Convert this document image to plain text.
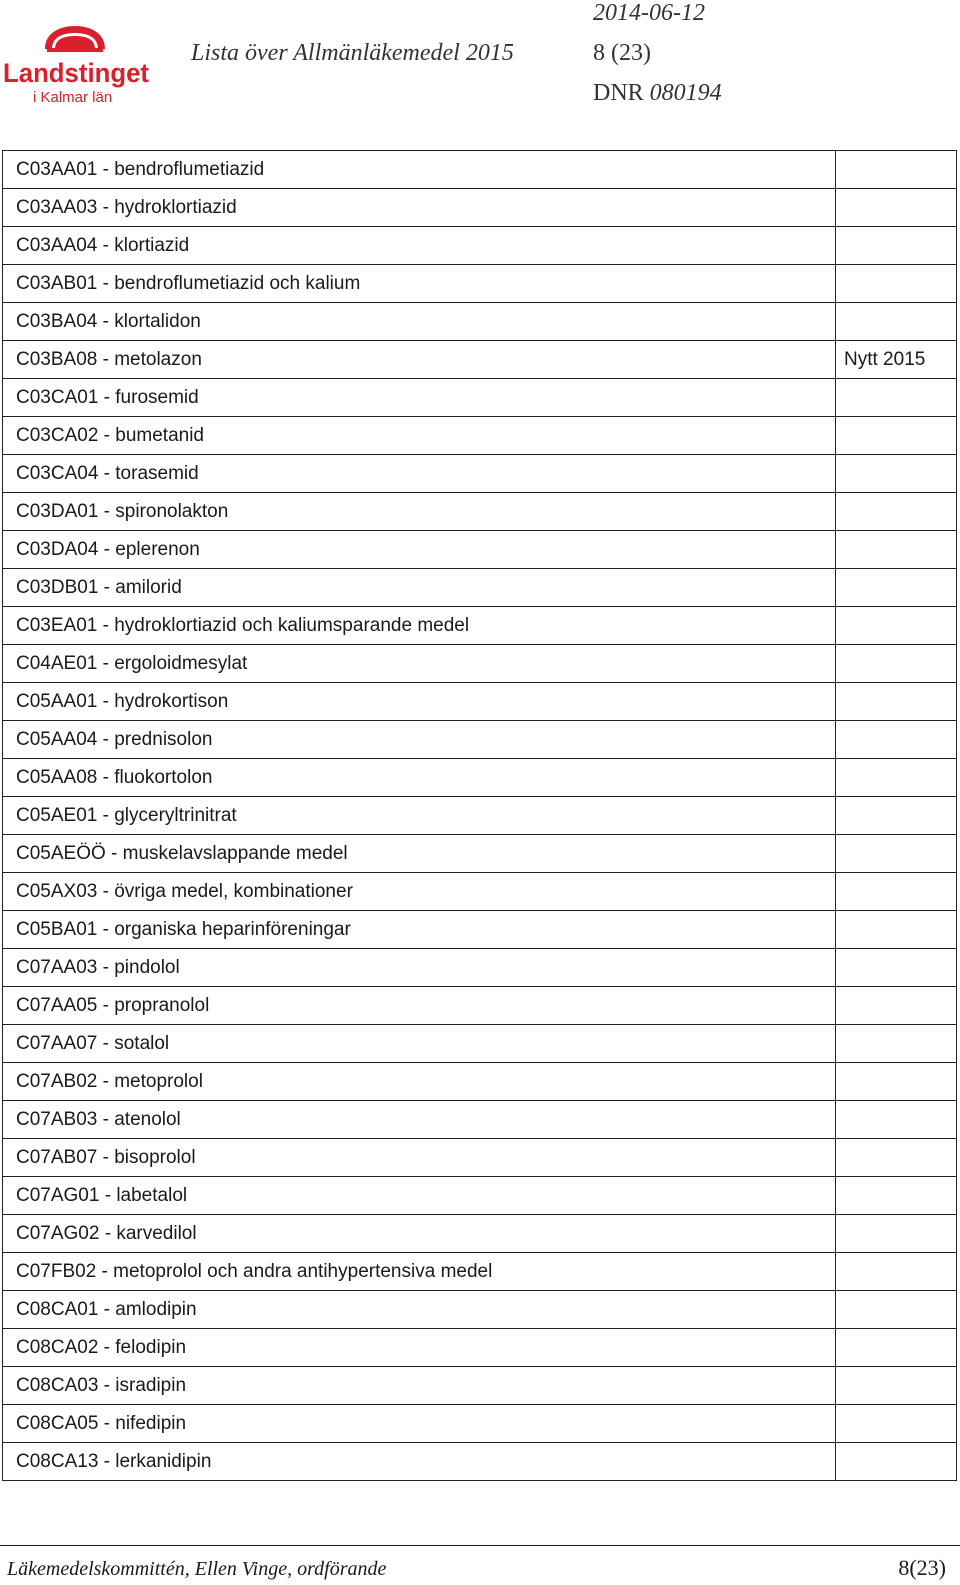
Landstinget
i Kalmar län
2014-06-12
Lista över Allmänläkemedel 2015	8 (23)
DNR 080194
C03AA01 - bendroflumetiazid	
C03AA03 - hydroklortiazid	
C03AA04 - klortiazid	
C03AB01 - bendroflumetiazid och kalium	
C03BA04 - klortalidon	
C03BA08 - metolazon	Nytt 2015
C03CA01 - furosemid	
C03CA02 - bumetanid	
C03CA04 - torasemid	
C03DA01 - spironolakton	
C03DA04 - eplerenon	
C03DB01 - amilorid	
C03EA01 - hydroklortiazid och kaliumsparande medel	
C04AE01 - ergoloidmesylat	
C05AA01 - hydrokortison	
C05AA04 - prednisolon	
C05AA08 - fluokortolon	
C05AE01 - glyceryltrinitrat	
C05AEÖÖ - muskelavslappande medel	
C05AX03 - övriga medel, kombinationer	
C05BA01 - organiska heparinföreningar	
C07AA03 - pindolol	
C07AA05 - propranolol	
C07AA07 - sotalol	
C07AB02 - metoprolol	
C07AB03 - atenolol	
C07AB07 - bisoprolol	
C07AG01 - labetalol	
C07AG02 - karvedilol	
C07FB02 - metoprolol och andra antihypertensiva medel	
C08CA01 - amlodipin	
C08CA02 - felodipin	
C08CA03 - isradipin	
C08CA05 - nifedipin	
C08CA13 - lerkanidipin	
Läkemedelskommittén, Ellen Vinge, ordförande	8(23)
